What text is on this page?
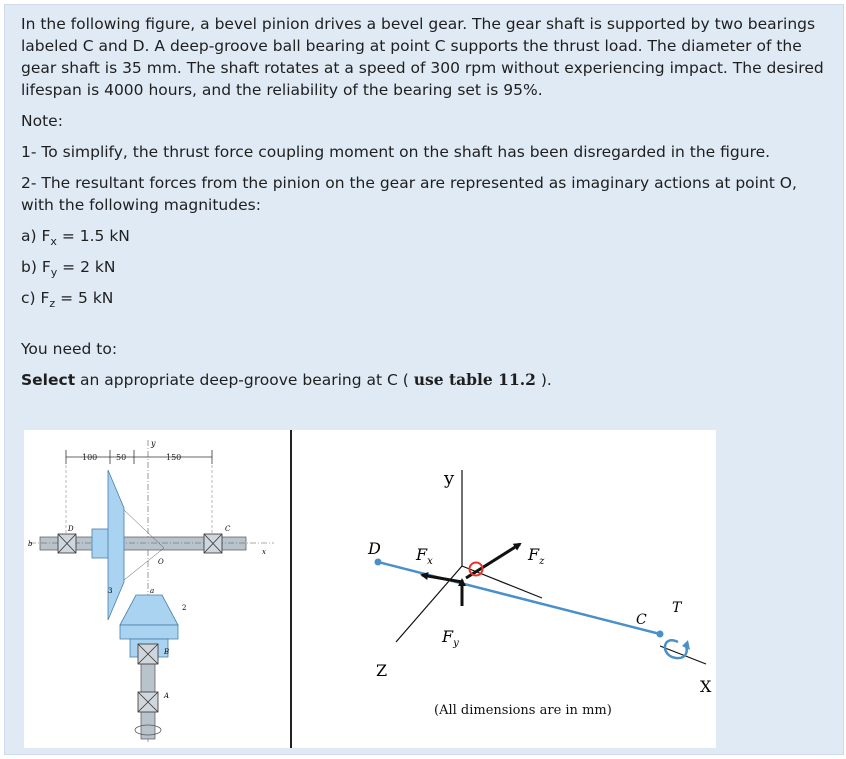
In the following figure, a bevel pinion drives a bevel gear. The gear shaft is supported by two bearings labeled C and D. A deep-groove ball bearing at point C supports the thrust load. The diameter of the gear shaft is 35 mm. The shaft rotates at a speed of 300 rpm without experiencing impact. The desired lifespan is 4000 hours, and the reliability of the bearing set is 95%.

Note:

1- To simplify, the thrust force coupling moment on the shaft has been disregarded in the figure.

2- The resultant forces from the pinion on the gear are represented as imaginary actions at point O, with the following magnitudes:

a) $F_x = 1.5$ kN

b) $F_y = 2$ kN

c) $F_z = 5$ kN

You need to:

Select an appropriate deep-groove bearing at C ( use table 11.2 ).

100 50	150
y
b
x
D	C
O
a
3
2
B
A
y
Z
X
D
C
T
$F_x$
$F_y$
$F_z$
(All dimensions are in mm)
